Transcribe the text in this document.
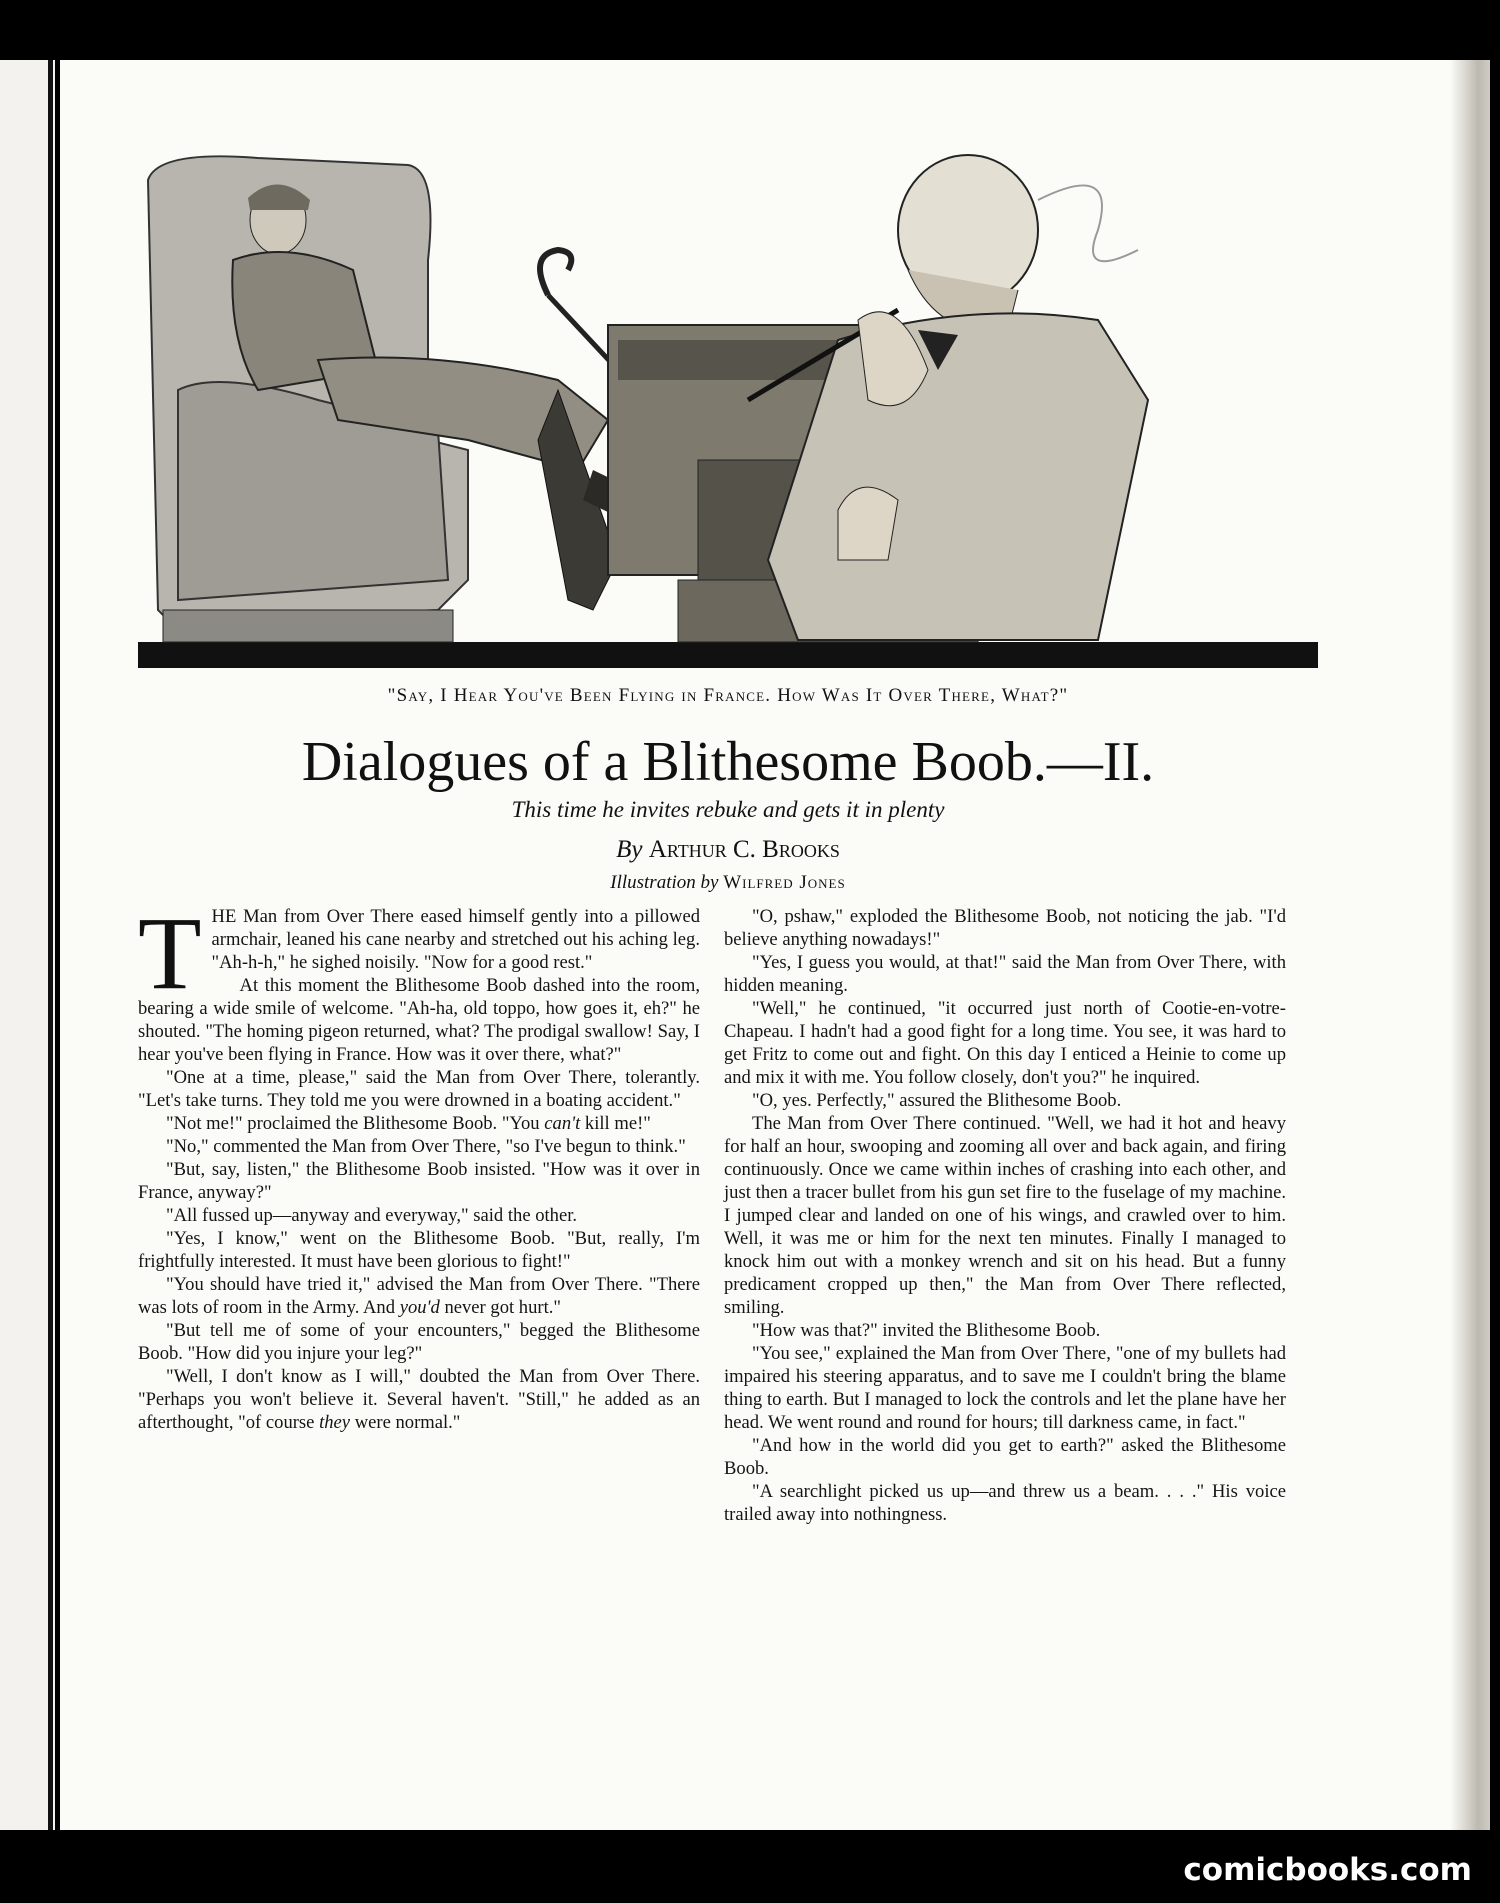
"Say, I Hear You've Been Flying in France. How Was It Over There, What?"
Dialogues of a Blithesome Boob.—II.
This time he invites rebuke and gets it in plenty
By Arthur C. Brooks
Illustration by Wilfred Jones

THE Man from Over There eased himself gently into a pillowed armchair, leaned his cane nearby and stretched out his aching leg. "Ah-h-h," he sighed noisily. "Now for a good rest."

At this moment the Blithesome Boob dashed into the room, bearing a wide smile of welcome. "Ah-ha, old toppo, how goes it, eh?" he shouted. "The homing pigeon returned, what? The prodigal swallow! Say, I hear you've been flying in France. How was it over there, what?"

"One at a time, please," said the Man from Over There, tolerantly. "Let's take turns. They told me you were drowned in a boating accident."

"Not me!" proclaimed the Blithesome Boob. "You can't kill me!"

"No," commented the Man from Over There, "so I've begun to think."

"But, say, listen," the Blithesome Boob insisted. "How was it over in France, anyway?"

"All fussed up—anyway and everyway," said the other.

"Yes, I know," went on the Blithesome Boob. "But, really, I'm frightfully interested. It must have been glorious to fight!"

"You should have tried it," advised the Man from Over There. "There was lots of room in the Army. And you'd never got hurt."

"But tell me of some of your encounters," begged the Blithesome Boob. "How did you injure your leg?"

"Well, I don't know as I will," doubted the Man from Over There. "Perhaps you won't believe it. Several haven't. "Still," he added as an afterthought, "of course they were normal."

"O, pshaw," exploded the Blithesome Boob, not noticing the jab. "I'd believe anything nowadays!"

"Yes, I guess you would, at that!" said the Man from Over There, with hidden meaning.

"Well," he continued, "it occurred just north of Cootie-en-votre-Chapeau. I hadn't had a good fight for a long time. You see, it was hard to get Fritz to come out and fight. On this day I enticed a Heinie to come up and mix it with me. You follow closely, don't you?" he inquired.

"O, yes. Perfectly," assured the Blithesome Boob.

The Man from Over There continued. "Well, we had it hot and heavy for half an hour, swooping and zooming all over and back again, and firing continuously. Once we came within inches of crashing into each other, and just then a tracer bullet from his gun set fire to the fuselage of my machine. I jumped clear and landed on one of his wings, and crawled over to him. Well, it was me or him for the next ten minutes. Finally I managed to knock him out with a monkey wrench and sit on his head. But a funny predicament cropped up then," the Man from Over There reflected, smiling.

"How was that?" invited the Blithesome Boob.

"You see," explained the Man from Over There, "one of my bullets had impaired his steering apparatus, and to save me I couldn't bring the blame thing to earth. But I managed to lock the controls and let the plane have her head. We went round and round for hours; till darkness came, in fact."

"And how in the world did you get to earth?" asked the Blithesome Boob.

"A searchlight picked us up—and threw us a beam. . . ." His voice trailed away into nothingness.

comicbooks.com
